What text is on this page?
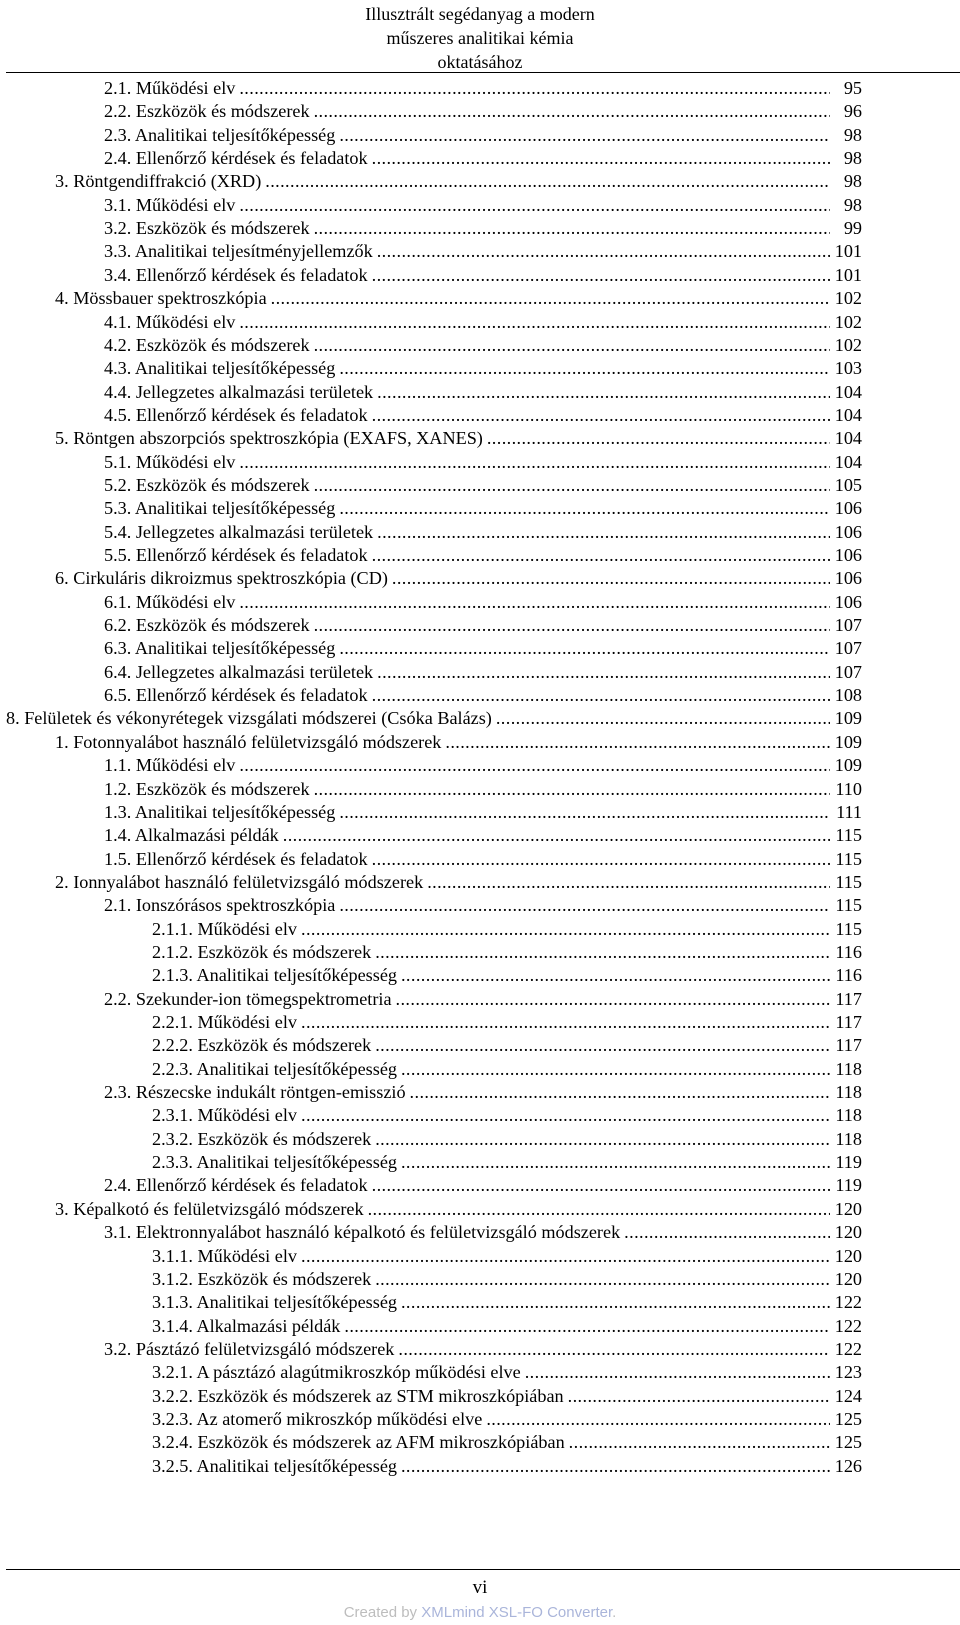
Illusztrált segédanyag a modern
műszeres analitikai kémia
oktatásához
2.1. Működési elv .....	95
2.2. Eszközök és módszerek .....	96
2.3. Analitikai teljesítőképesség .....	98
2.4. Ellenőrző kérdések és feladatok .....	98
3. Röntgendiffrakció (XRD) .....	98
3.1. Működési elv .....	98
3.2. Eszközök és módszerek .....	99
3.3. Analitikai teljesítményjellemzők .....	101
3.4. Ellenőrző kérdések és feladatok .....	101
4. Mössbauer spektroszkópia .....	102
4.1. Működési elv .....	102
4.2. Eszközök és módszerek .....	102
4.3. Analitikai teljesítőképesség .....	103
4.4. Jellegzetes alkalmazási területek .....	104
4.5. Ellenőrző kérdések és feladatok .....	104
5. Röntgen abszorpciós spektroszkópia (EXAFS, XANES) .....	104
5.1. Működési elv .....	104
5.2. Eszközök és módszerek .....	105
5.3. Analitikai teljesítőképesség .....	106
5.4. Jellegzetes alkalmazási területek .....	106
5.5. Ellenőrző kérdések és feladatok .....	106
6. Cirkuláris dikroizmus spektroszkópia (CD) .....	106
6.1. Működési elv .....	106
6.2. Eszközök és módszerek .....	107
6.3. Analitikai teljesítőképesség .....	107
6.4. Jellegzetes alkalmazási területek .....	107
6.5. Ellenőrző kérdések és feladatok .....	108
8. Felületek és vékonyrétegek vizsgálati módszerei (Csóka Balázs) .....	109
1. Fotonnyalábot használó felületvizsgáló módszerek .....	109
1.1. Működési elv .....	109
1.2. Eszközök és módszerek .....	110
1.3. Analitikai teljesítőképesség .....	111
1.4. Alkalmazási példák .....	115
1.5. Ellenőrző kérdések és feladatok .....	115
2. Ionnyalábot használó felületvizsgáló módszerek .....	115
2.1. Ionszórásos spektroszkópia .....	115
2.1.1. Működési elv .....	115
2.1.2. Eszközök és módszerek .....	116
2.1.3. Analitikai teljesítőképesség .....	116
2.2. Szekunder-ion tömegspektrometria .....	117
2.2.1. Működési elv .....	117
2.2.2. Eszközök és módszerek .....	117
2.2.3. Analitikai teljesítőképesség .....	118
2.3. Részecske indukált röntgen-emisszió .....	118
2.3.1. Működési elv .....	118
2.3.2. Eszközök és módszerek .....	118
2.3.3. Analitikai teljesítőképesség .....	119
2.4. Ellenőrző kérdések és feladatok .....	119
3. Képalkotó és felületvizsgáló módszerek .....	120
3.1. Elektronnyalábot használó képalkotó és felületvizsgáló módszerek .....	120
3.1.1. Működési elv .....	120
3.1.2. Eszközök és módszerek .....	120
3.1.3. Analitikai teljesítőképesség .....	122
3.1.4. Alkalmazási példák .....	122
3.2. Pásztázó felületvizsgáló módszerek .....	122
3.2.1. A pásztázó alagútmikroszkóp működési elve .....	123
3.2.2. Eszközök és módszerek az STM mikroszkópiában .....	124
3.2.3. Az atomerő mikroszkóp működési elve .....	125
3.2.4. Eszközök és módszerek az AFM mikroszkópiában .....	125
3.2.5. Analitikai teljesítőképesség .....	126
vi
Created by XMLmind XSL-FO Converter.
